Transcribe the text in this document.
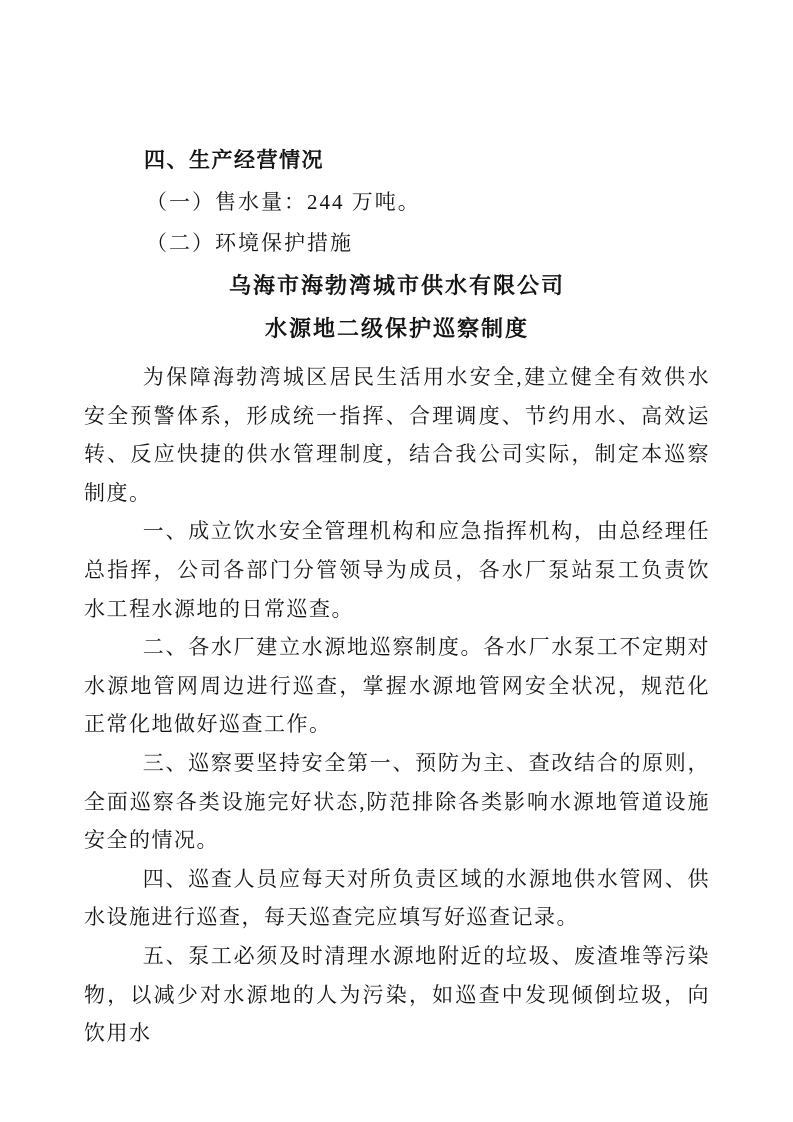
四、生产经营情况
（一）售水量：244 万吨。
（二）环境保护措施
乌海市海勃湾城市供水有限公司
水源地二级保护巡察制度

为保障海勃湾城区居民生活用水安全,建立健全有效供水安全预警体系，形成统一指挥、合理调度、节约用水、高效运转、反应快捷的供水管理制度，结合我公司实际，制定本巡察制度。

一、成立饮水安全管理机构和应急指挥机构，由总经理任总指挥，公司各部门分管领导为成员，各水厂泵站泵工负责饮水工程水源地的日常巡查。

二、各水厂建立水源地巡察制度。各水厂水泵工不定期对水源地管网周边进行巡查，掌握水源地管网安全状况，规范化正常化地做好巡查工作。

三、巡察要坚持安全第一、预防为主、查改结合的原则，全面巡察各类设施完好状态,防范排除各类影响水源地管道设施安全的情况。

四、巡查人员应每天对所负责区域的水源地供水管网、供水设施进行巡查，每天巡查完应填写好巡查记录。

五、泵工必须及时清理水源地附近的垃圾、废渣堆等污染物，以减少对水源地的人为污染，如巡查中发现倾倒垃圾，向饮用水
